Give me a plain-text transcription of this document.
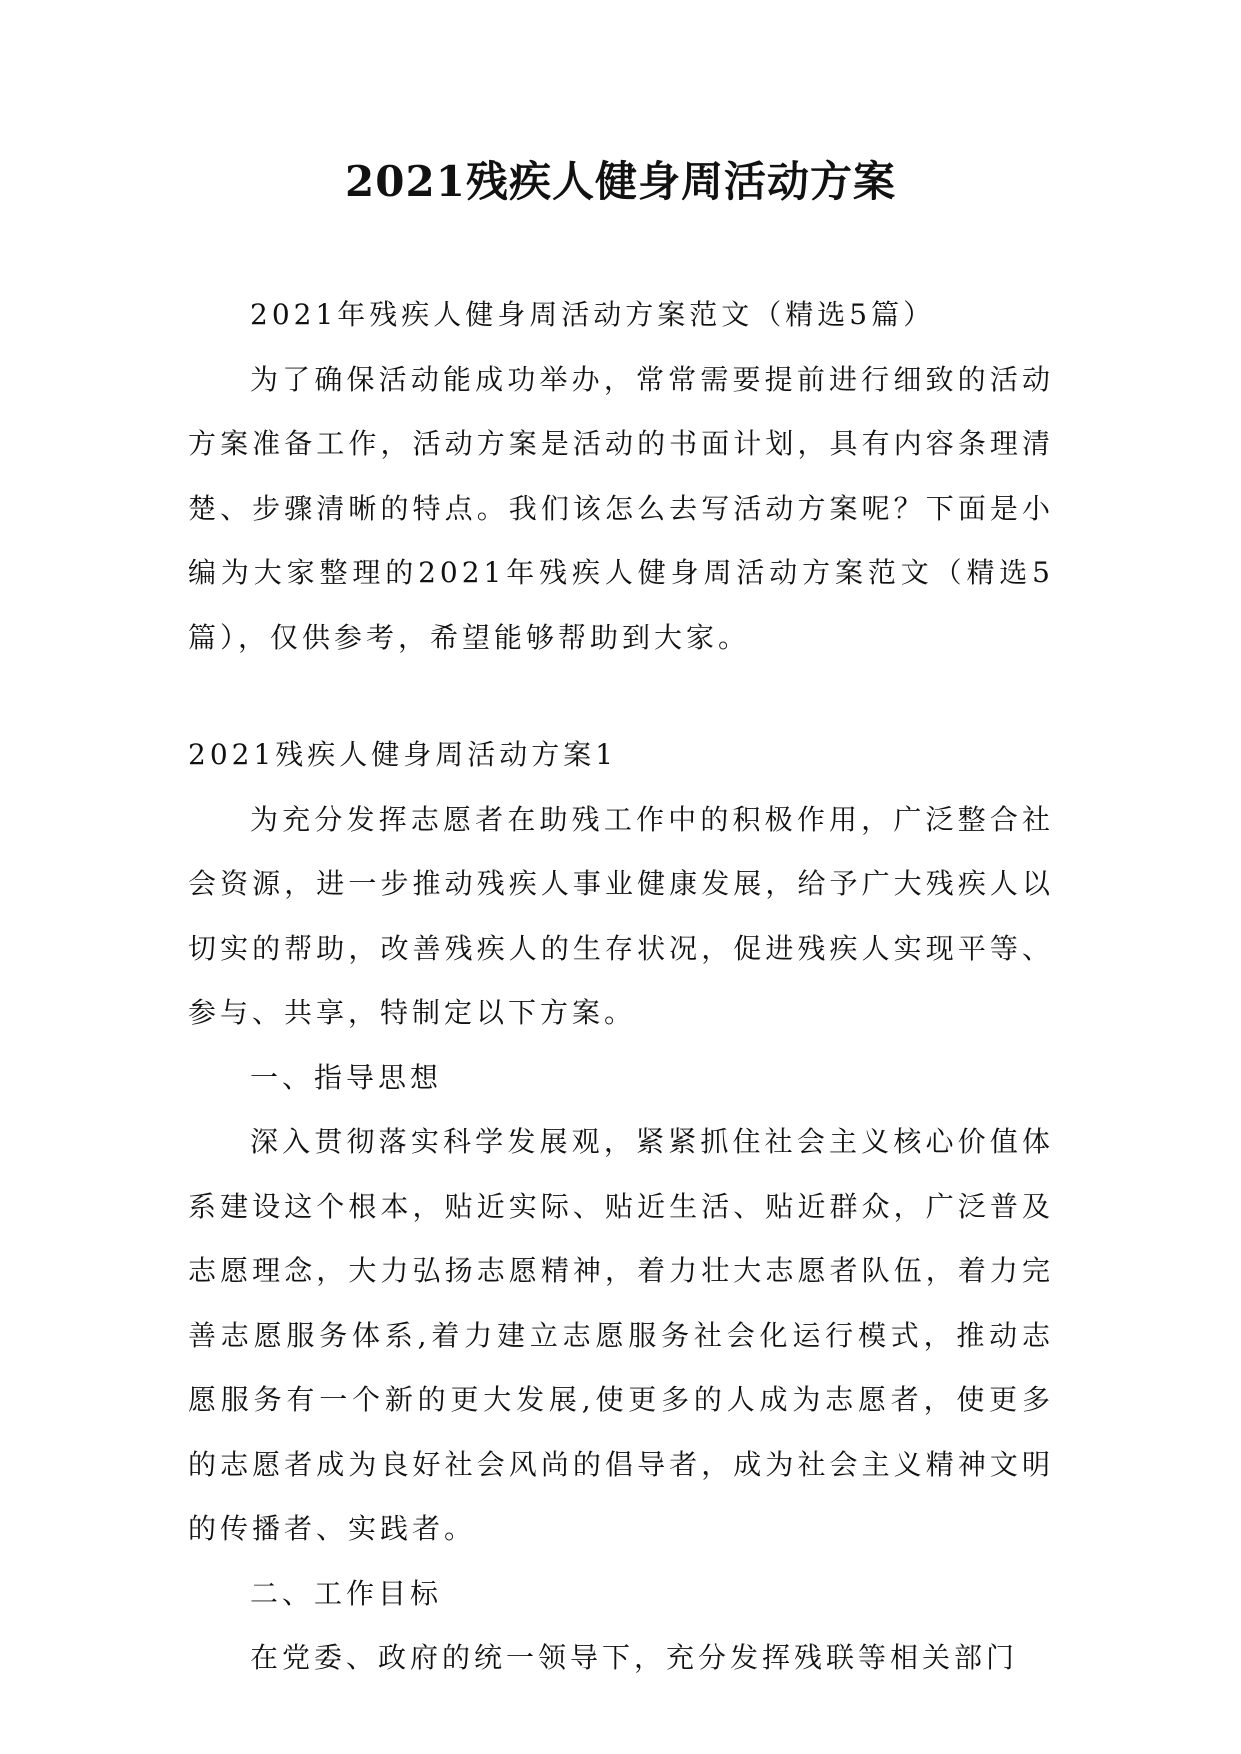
2021残疾人健身周活动方案

2021年残疾人健身周活动方案范文（精选5篇）

为了确保活动能成功举办，常常需要提前进行细致的活动方案准备工作，活动方案是活动的书面计划，具有内容条理清楚、步骤清晰的特点。我们该怎么去写活动方案呢？下面是小编为大家整理的2021年残疾人健身周活动方案范文（精选5篇），仅供参考，希望能够帮助到大家。

2021残疾人健身周活动方案1

为充分发挥志愿者在助残工作中的积极作用，广泛整合社会资源，进一步推动残疾人事业健康发展，给予广大残疾人以切实的帮助，改善残疾人的生存状况，促进残疾人实现平等、参与、共享，特制定以下方案。

一、指导思想

深入贯彻落实科学发展观，紧紧抓住社会主义核心价值体系建设这个根本，贴近实际、贴近生活、贴近群众，广泛普及志愿理念，大力弘扬志愿精神，着力壮大志愿者队伍，着力完善志愿服务体系,着力建立志愿服务社会化运行模式，推动志愿服务有一个新的更大发展,使更多的人成为志愿者，使更多的志愿者成为良好社会风尚的倡导者，成为社会主义精神文明的传播者、实践者。

二、工作目标

在党委、政府的统一领导下，充分发挥残联等相关部门
